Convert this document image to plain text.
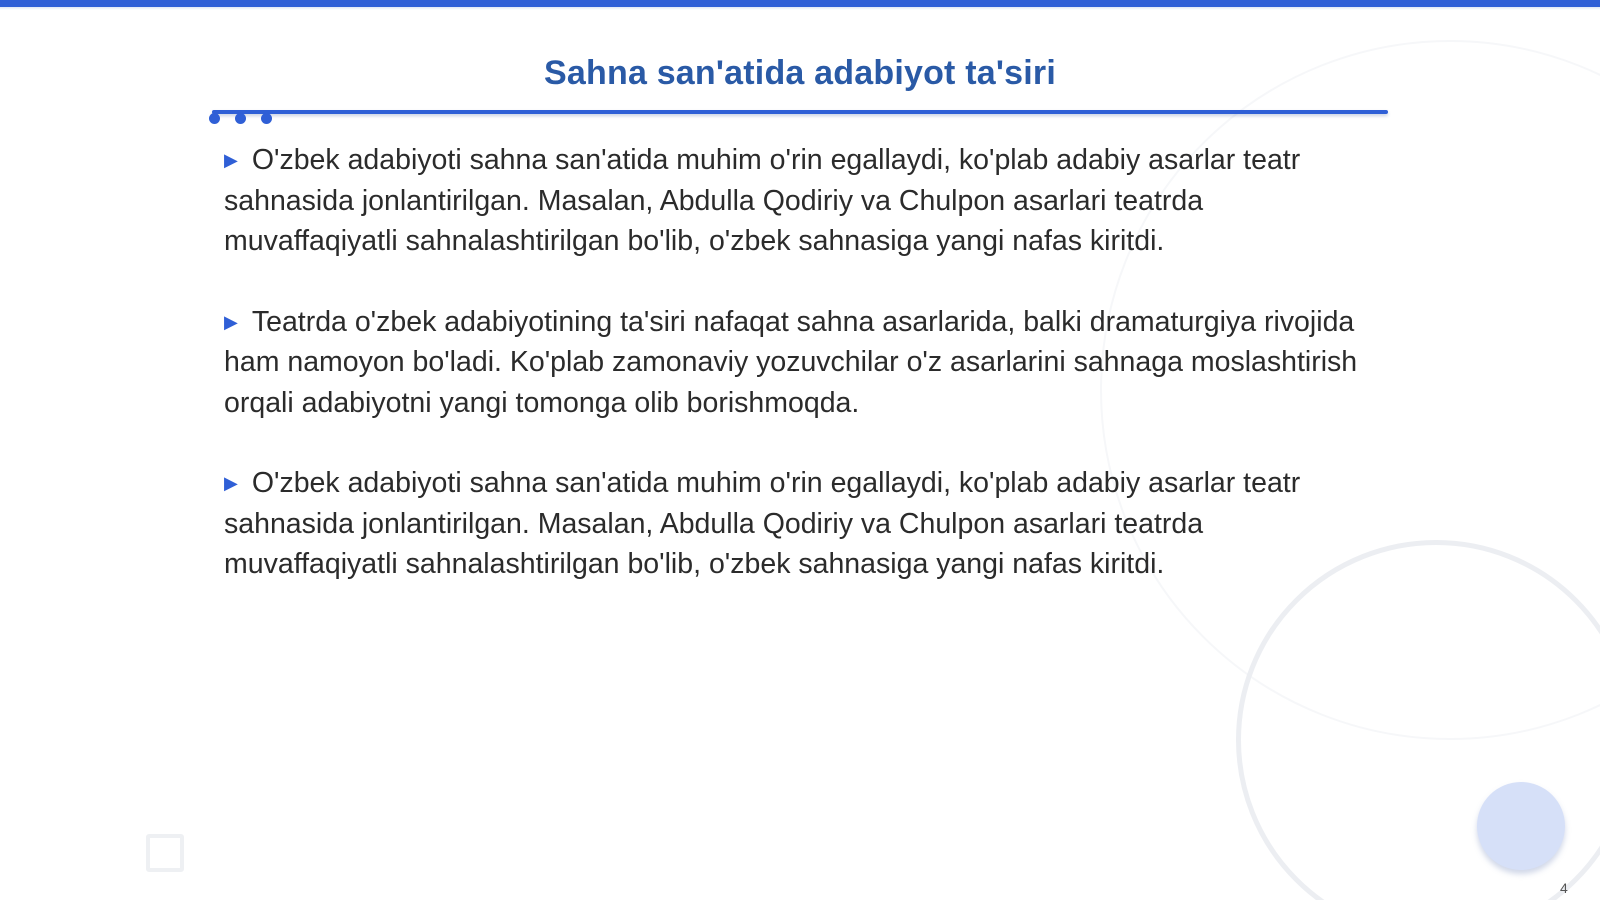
Sahna san'atida adabiyot ta'siri

▶ O'zbek adabiyoti sahna san'atida muhim o'rin egallaydi, ko'plab adabiy asarlar teatr sahnasida jonlantirilgan. Masalan, Abdulla Qodiriy va Chulpon asarlari teatrda muvaffaqiyatli sahnalashtirilgan bo'lib, o'zbek sahnasiga yangi nafas kiritdi.

▶ Teatrda o'zbek adabiyotining ta'siri nafaqat sahna asarlarida, balki dramaturgiya rivojida ham namoyon bo'ladi. Ko'plab zamonaviy yozuvchilar o'z asarlarini sahnaga moslashtirish orqali adabiyotni yangi tomonga olib borishmoqda.

▶ O'zbek adabiyoti sahna san'atida muhim o'rin egallaydi, ko'plab adabiy asarlar teatr sahnasida jonlantirilgan. Masalan, Abdulla Qodiriy va Chulpon asarlari teatrda muvaffaqiyatli sahnalashtirilgan bo'lib, o'zbek sahnasiga yangi nafas kiritdi.

4
